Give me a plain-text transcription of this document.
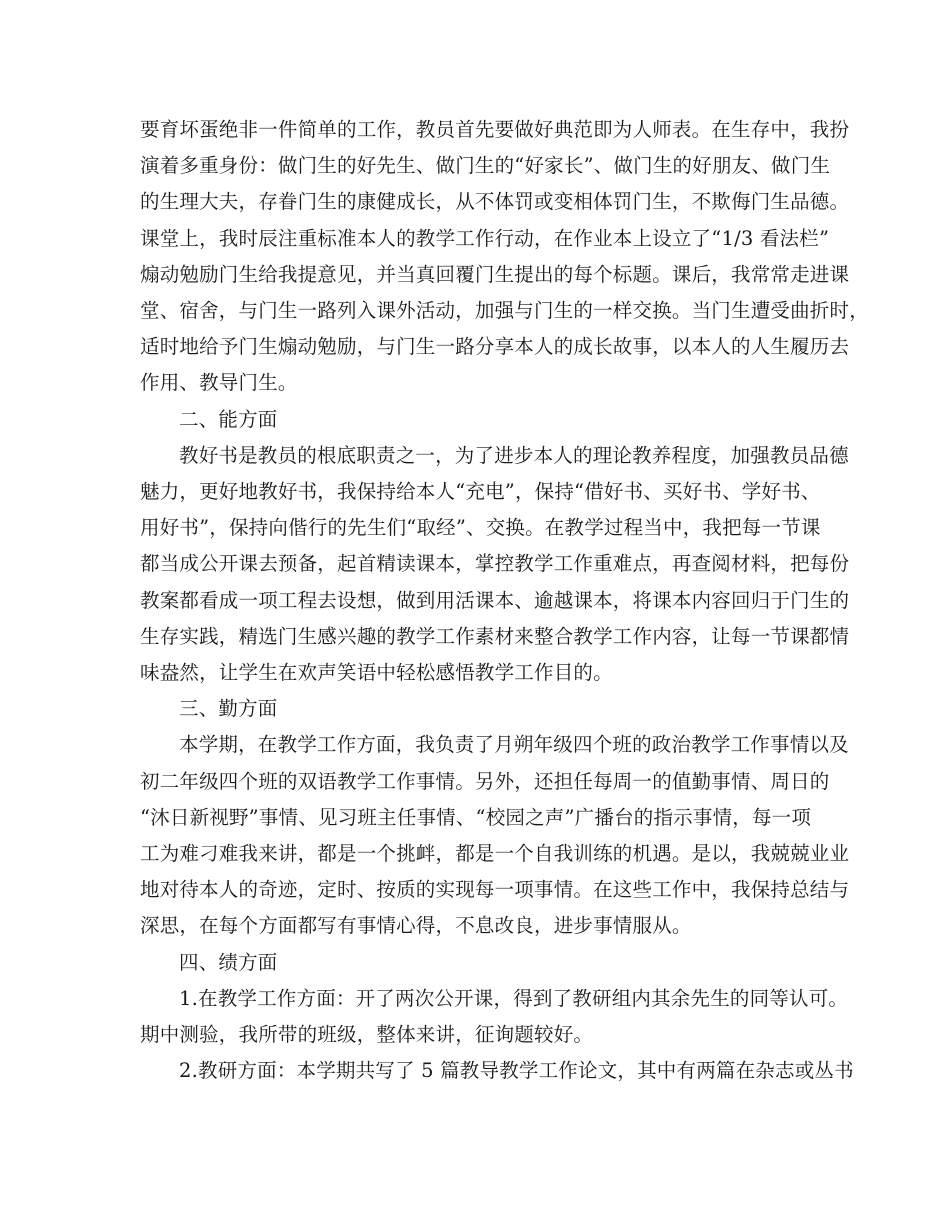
要育坏蛋绝非一件简单的工作，教员首先要做好典范即为人师表。在生存中，我扮
演着多重身份：做门生的好先生、做门生的“好家长”、做门生的好朋友、做门生
的生理大夫，存眷门生的康健成长，从不体罚或变相体罚门生，不欺侮门生品德。
课堂上，我时辰注重标准本人的教学工作行动，在作业本上设立了“1/3 看法栏”
煽动勉励门生给我提意见，并当真回覆门生提出的每个标题。课后，我常常走进课
堂、宿舍，与门生一路列入课外活动，加强与门生的一样交换。当门生遭受曲折时，
适时地给予门生煽动勉励，与门生一路分享本人的成长故事，以本人的人生履历去
作用、教导门生。
二、能方面
教好书是教员的根底职责之一，为了进步本人的理论教养程度，加强教员品德
魅力，更好地教好书，我保持给本人“充电”，保持“借好书、买好书、学好书、
用好书”，保持向偕行的先生们“取经”、交换。在教学过程当中，我把每一节课
都当成公开课去预备，起首精读课本，掌控教学工作重难点，再查阅材料，把每份
教案都看成一项工程去设想，做到用活课本、逾越课本，将课本内容回归于门生的
生存实践，精选门生感兴趣的教学工作素材来整合教学工作内容，让每一节课都情
味盎然，让学生在欢声笑语中轻松感悟教学工作目的。
三、勤方面
本学期，在教学工作方面，我负责了月朔年级四个班的政治教学工作事情以及
初二年级四个班的双语教学工作事情。另外，还担任每周一的值勤事情、周日的
“沐日新视野”事情、见习班主任事情、“校园之声”广播台的指示事情，每一项
工为难刁难我来讲，都是一个挑衅，都是一个自我训练的机遇。是以，我兢兢业业
地对待本人的奇迹，定时、按质的实现每一项事情。在这些工作中，我保持总结与
深思，在每个方面都写有事情心得，不息改良，进步事情服从。
四、绩方面
1.在教学工作方面：开了两次公开课，得到了教研组内其余先生的同等认可。
期中测验，我所带的班级，整体来讲，征询题较好。
2.教研方面：本学期共写了 5 篇教导教学工作论文，其中有两篇在杂志或丛书
